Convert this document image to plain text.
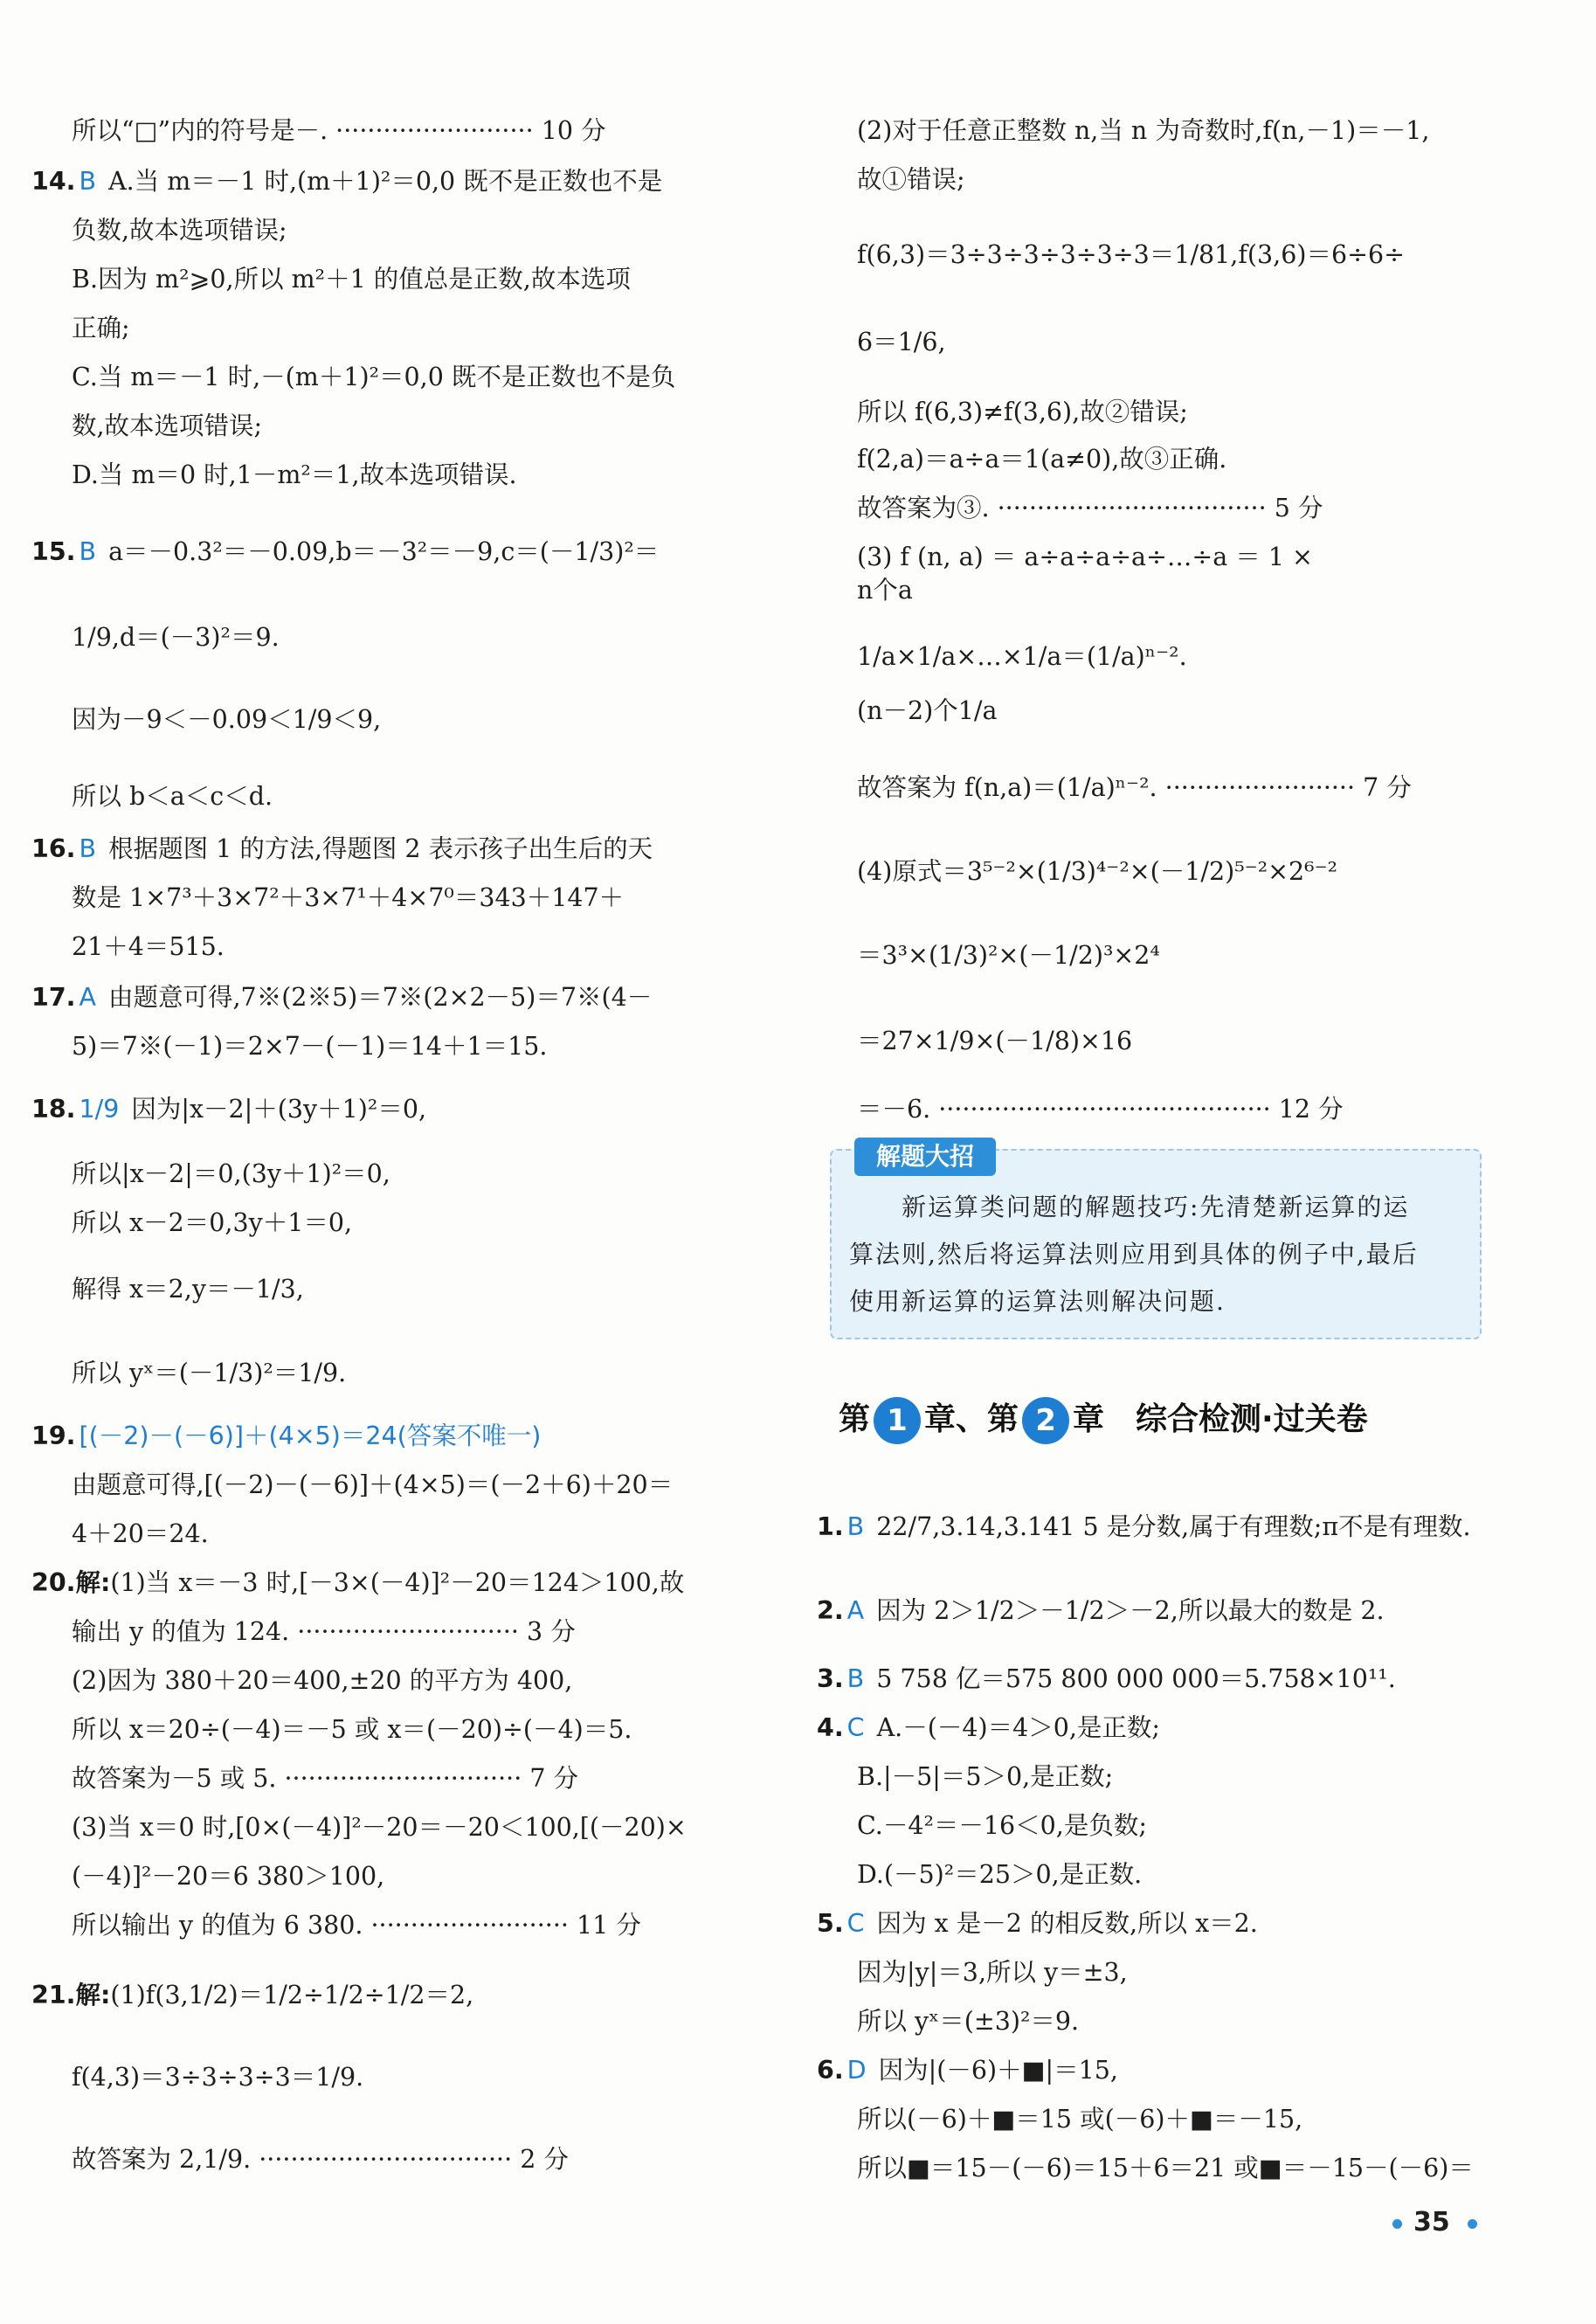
所以“□”内的符号是－. ························· 10 分
14. B A.当 m＝－1 时,(m＋1)²＝0,0 既不是正数也不是
负数,故本选项错误;
B.因为 m²⩾0,所以 m²＋1 的值总是正数,故本选项
正确;
C.当 m＝－1 时,－(m＋1)²＝0,0 既不是正数也不是负
数,故本选项错误;
D.当 m＝0 时,1－m²＝1,故本选项错误.
15. B a＝－0.3²＝－0.09,b＝－3²＝－9,c＝(－1/3)²＝
1/9,d＝(－3)²＝9.
因为－9＜－0.09＜1/9＜9,
所以 b＜a＜c＜d.
16. B 根据题图 1 的方法,得题图 2 表示孩子出生后的天
数是 1×7³＋3×7²＋3×7¹＋4×7⁰＝343＋147＋
21＋4＝515.
17. A 由题意可得,7※(2※5)＝7※(2×2－5)＝7※(4－
5)＝7※(－1)＝2×7－(－1)＝14＋1＝15.
18. 1/9 因为|x－2|＋(3y＋1)²＝0,
所以|x－2|＝0,(3y＋1)²＝0,
所以 x－2＝0,3y＋1＝0,
解得 x＝2,y＝－1/3,
所以 yˣ＝(－1/3)²＝1/9.
19. [(－2)－(－6)]＋(4×5)＝24(答案不唯一)
由题意可得,[(－2)－(－6)]＋(4×5)＝(－2＋6)＋20＝
4＋20＝24.
20.解:(1)当 x＝－3 时,[－3×(－4)]²－20＝124＞100,故
输出 y 的值为 124. ···························· 3 分
(2)因为 380＋20＝400,±20 的平方为 400,
所以 x＝20÷(－4)＝－5 或 x＝(－20)÷(－4)＝5.
故答案为－5 或 5. ······························ 7 分
(3)当 x＝0 时,[0×(－4)]²－20＝－20＜100,[(－20)×
(－4)]²－20＝6 380＞100,
所以输出 y 的值为 6 380. ························· 11 分
21.解:(1)f(3,1/2)＝1/2÷1/2÷1/2＝2,
f(4,3)＝3÷3÷3÷3＝1/9.
故答案为 2,1/9. ································ 2 分
(2)对于任意正整数 n,当 n 为奇数时,f(n,－1)＝－1,
故①错误;
f(6,3)＝3÷3÷3÷3÷3÷3＝1/81,f(3,6)＝6÷6÷
6＝1/6,
所以 f(6,3)≠f(3,6),故②错误;
f(2,a)＝a÷a＝1(a≠0),故③正确.
故答案为③. ·································· 5 分
(3) f (n, a) ＝ a÷a÷a÷a÷…÷a ＝ 1 ×
n个a
1/a×1/a×…×1/a＝(1/a)ⁿ⁻².
(n－2)个1/a
故答案为 f(n,a)＝(1/a)ⁿ⁻². ························ 7 分
(4)原式＝3⁵⁻²×(1/3)⁴⁻²×(－1/2)⁵⁻²×2⁶⁻²
＝3³×(1/3)²×(－1/2)³×2⁴
＝27×1/9×(－1/8)×16
＝－6. ·········································· 12 分
1. B 22/7,3.14,3.141 5 是分数,属于有理数;π不是有理数.
2. A 因为 2＞1/2＞－1/2＞－2,所以最大的数是 2.
3. B 5 758 亿＝575 800 000 000＝5.758×10¹¹.
4. C A.－(－4)＝4＞0,是正数;
B.|－5|＝5＞0,是正数;
C.－4²＝－16＜0,是负数;
D.(－5)²＝25＞0,是正数.
5. C 因为 x 是－2 的相反数,所以 x＝2.
因为|y|＝3,所以 y＝±3,
所以 yˣ＝(±3)²＝9.
6. D 因为|(－6)＋■|＝15,
所以(－6)＋■＝15 或(－6)＋■＝－15,
所以■＝15－(－6)＝15＋6＝21 或■＝－15－(－6)＝
解题大招
　　新运算类问题的解题技巧:先清楚新运算的运
算法则,然后将运算法则应用到具体的例子中,最后
使用新运算的运算法则解决问题.
第 1 章、第 2 章　综合检测·过关卷
35
